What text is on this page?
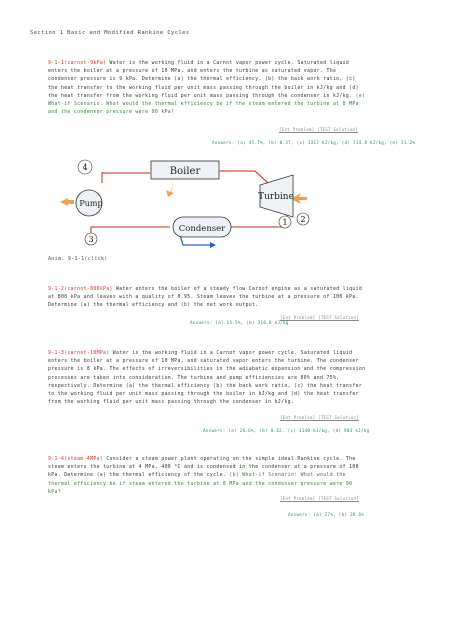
Section 1 Basic and Modified Rankine Cycles
9-1-1(carnot-9kPa) Water is the working fluid in a Carnot vapor power cycle. Saturated liquid enters the boiler at a pressure of 10 MPa, and enters the turbine as saturated vapor. The condenser pressure is 9 kPa. Determine (a) the thermal efficiency, (b) the back work ratio, (c) the heat transfer to the working fluid per unit mass passing through the boiler in kJ/kg and (d) the heat transfer from the working fluid per unit mass passing through the condenser in kJ/kg. (e) What-if Scenario: What would the thermal efficiency be if the steam entered the turbine at 8 MPa and the condenser pressure were 90 kPa?
[Ent Problem] [TEST Solution]
Answers: (a) 45.7%, (b) 0.37, (c) 1317 kJ/kg, (d) 714.8 kJ/kg, (e) 31.2%
Boiler
Turbine
Condenser
Pump
1 2
3
4
Anim. 9-1-1(click)
9-1-2(carnot-800kPa) Water enters the boiler of a steady flow Carnot engine as a saturated liquid at 800 kPa and leaves with a quality of 0.95. Steam leaves the turbine at a pressure of 100 kPa. Determine (a) the thermal efficiency and (b) the net work output.
[Ent Problem] [TEST Solution]
Answers: (a) 15.5%, (b) 310.8 kJ/kg
9-1-3(carnot-10MPa) Water is the working fluid in a Carnot vapor power cycle. Saturated liquid enters the boiler at a pressure of 10 MPa, and saturated vapor enters the turbine. The condenser pressure is 8 kPa. The effects of irreversibilities in the adiabatic expansion and the compression processes are taken into consideration. The turbine and pump efficiencies are 80% and 75%, respectively. Determine (a) the thermal efficiency (b) the back work ratio, (c) the heat transfer to the working fluid per unit mass passing through the boiler in kJ/kg and (d) the heat transfer from the working fluid per unit mass passing through the condenser in kJ/kg.
[Ent Problem] [TEST Solution]
Answers: (a) 26.6%, (b) 0.62, (c) 1140 kJ/kg, (d) 903 kJ/kg
9-1-4(steam-4MPa) Consider a steam power plant operating on the simple ideal Rankine cycle. The steam enters the turbine at 4 MPa, 400 °C and is condensed in the condenser at a pressure of 100 kPa. Determine (a) the thermal efficiency of the cycle. (b) What-if Scenario: What would the thermal efficiency be if steam entered the turbine at 8 MPa and the condenser pressure were 90 kPa?
[Ent Problem] [TEST Solution]
Answers: (a) 27%, (b) 28.6%
